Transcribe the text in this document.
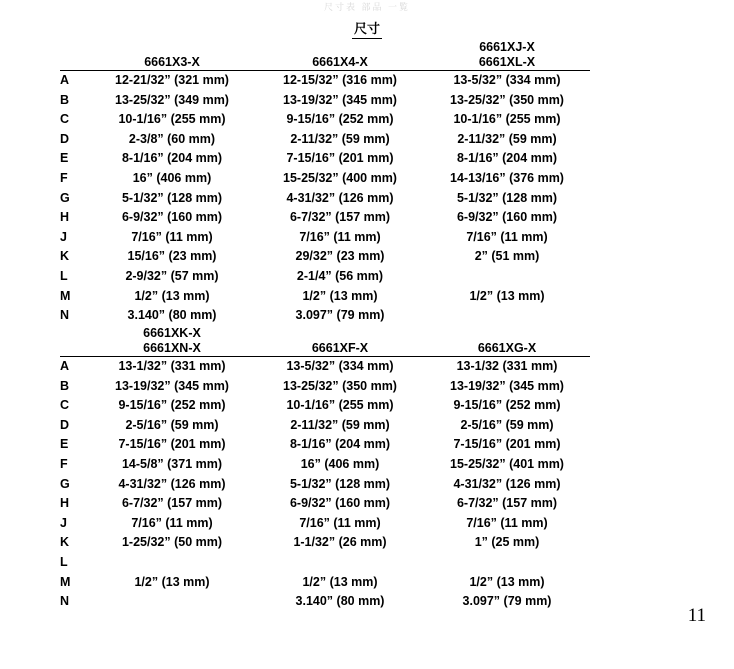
尺寸表 部品 一覧
尺寸
			6661XJ-X
	6661X3-X	6661X4-X	6661XL-X
A	12-21/32” (321 mm)	12-15/32” (316 mm)	13-5/32” (334 mm)
B	13-25/32” (349 mm)	13-19/32” (345 mm)	13-25/32” (350 mm)
C	10-1/16” (255 mm)	9-15/16” (252 mm)	10-1/16” (255 mm)
D	2-3/8” (60 mm)	2-11/32” (59 mm)	2-11/32” (59 mm)
E	8-1/16” (204 mm)	7-15/16” (201 mm)	8-1/16” (204 mm)
F	16” (406 mm)	15-25/32” (400 mm)	14-13/16” (376 mm)
G	5-1/32” (128 mm)	4-31/32” (126 mm)	5-1/32” (128 mm)
H	6-9/32” (160 mm)	6-7/32” (157 mm)	6-9/32” (160 mm)
J	7/16” (11 mm)	7/16” (11 mm)	7/16” (11 mm)
K	15/16” (23 mm)	29/32” (23 mm)	2” (51 mm)
L	2-9/32” (57 mm)	2-1/4” (56 mm)	
M	1/2” (13 mm)	1/2” (13 mm)	1/2” (13 mm)
N	3.140” (80 mm)	3.097” (79 mm)	
	6661XK-X		
	6661XN-X	6661XF-X	6661XG-X
A	13-1/32” (331 mm)	13-5/32” (334 mm)	13-1/32 (331 mm)
B	13-19/32” (345 mm)	13-25/32” (350 mm)	13-19/32” (345 mm)
C	9-15/16” (252 mm)	10-1/16” (255 mm)	9-15/16” (252 mm)
D	2-5/16” (59 mm)	2-11/32” (59 mm)	2-5/16” (59 mm)
E	7-15/16” (201 mm)	8-1/16” (204 mm)	7-15/16” (201 mm)
F	14-5/8” (371 mm)	16” (406 mm)	15-25/32” (401 mm)
G	4-31/32” (126 mm)	5-1/32” (128 mm)	4-31/32” (126 mm)
H	6-7/32” (157 mm)	6-9/32” (160 mm)	6-7/32” (157 mm)
J	7/16” (11 mm)	7/16” (11 mm)	7/16” (11 mm)
K	1-25/32” (50 mm)	1-1/32” (26 mm)	1” (25 mm)
L			
M	1/2” (13 mm)	1/2” (13 mm)	1/2” (13 mm)
N		3.140” (80 mm)	3.097” (79 mm)
11
